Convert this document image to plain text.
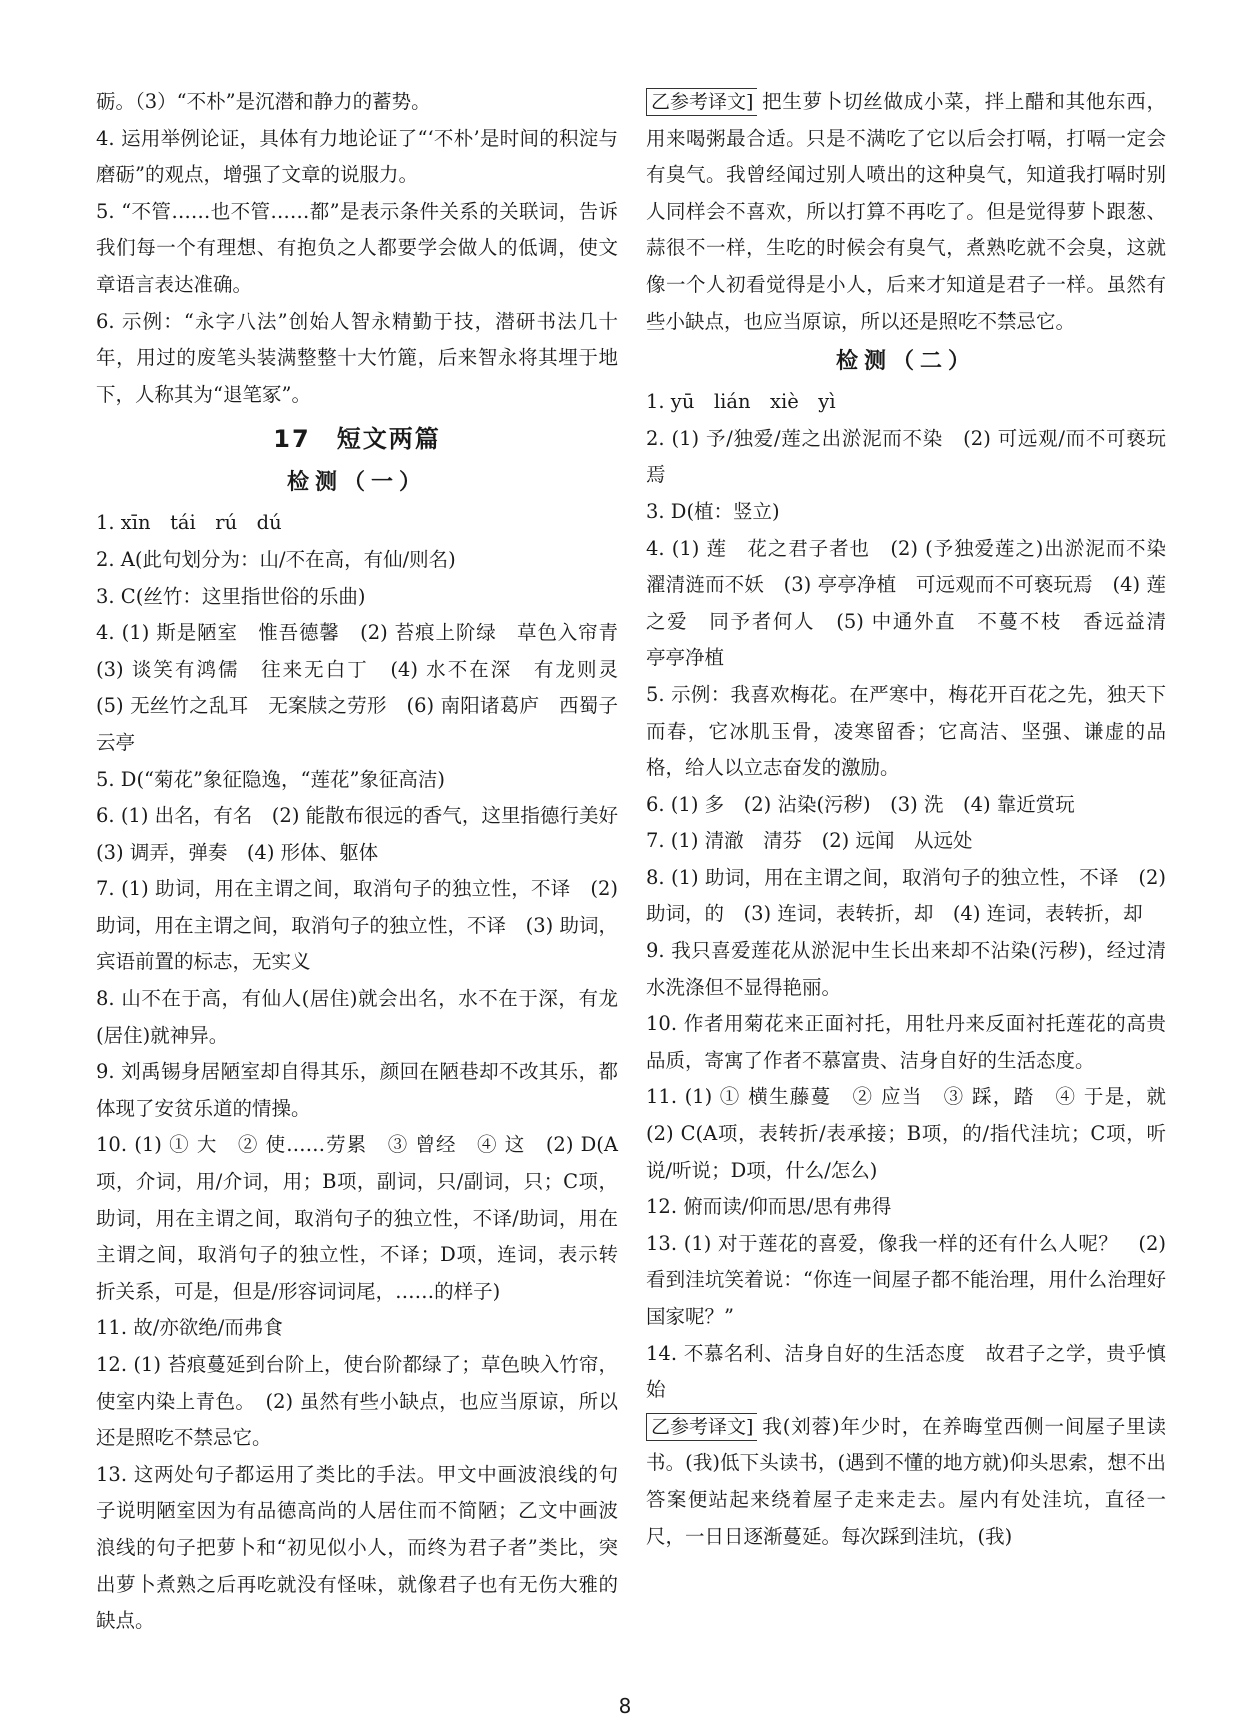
砺。（3）“不朴”是沉潜和静力的蓄势。

4. 运用举例论证，具体有力地论证了“‘不朴’是时间的积淀与磨砺”的观点，增强了文章的说服力。

5. “不管……也不管……都”是表示条件关系的关联词，告诉我们每一个有理想、有抱负之人都要学会做人的低调，使文章语言表达准确。

6. 示例：“永字八法”创始人智永精勤于技，潜研书法几十年，用过的废笔头装满整整十大竹簏，后来智永将其埋于地下，人称其为“退笔冢”。

17　短文两篇
检测（一）

1. xīn　tái　rú　dú

2. A(此句划分为：山/不在高，有仙/则名)

3. C(丝竹：这里指世俗的乐曲)

4. (1) 斯是陋室　惟吾德馨　(2) 苔痕上阶绿　草色入帘青　(3) 谈笑有鸿儒　往来无白丁　(4) 水不在深　有龙则灵　(5) 无丝竹之乱耳　无案牍之劳形　(6) 南阳诸葛庐　西蜀子云亭

5. D(“菊花”象征隐逸，“莲花”象征高洁)

6. (1) 出名，有名　(2) 能散布很远的香气，这里指德行美好　(3) 调弄，弹奏　(4) 形体、躯体

7. (1) 助词，用在主谓之间，取消句子的独立性，不译　(2) 助词，用在主谓之间，取消句子的独立性，不译　(3) 助词，宾语前置的标志，无实义

8. 山不在于高，有仙人(居住)就会出名，水不在于深，有龙(居住)就神异。

9. 刘禹锡身居陋室却自得其乐，颜回在陋巷却不改其乐，都体现了安贫乐道的情操。

10. (1) ① 大　② 使……劳累　③ 曾经　④ 这　(2) D(A项，介词，用/介词，用；B项，副词，只/副词，只；C项，助词，用在主谓之间，取消句子的独立性，不译/助词，用在主谓之间，取消句子的独立性，不译；D项，连词，表示转折关系，可是，但是/形容词词尾，……的样子)

11. 故/亦欲绝/而弗食

12. (1) 苔痕蔓延到台阶上，使台阶都绿了；草色映入竹帘，使室内染上青色。　(2) 虽然有些小缺点，也应当原谅，所以还是照吃不禁忌它。

13. 这两处句子都运用了类比的手法。甲文中画波浪线的句子说明陋室因为有品德高尚的人居住而不简陋；乙文中画波浪线的句子把萝卜和“初见似小人，而终为君子者”类比，突出萝卜煮熟之后再吃就没有怪味，就像君子也有无伤大雅的缺点。

乙参考译文 ] 把生萝卜切丝做成小菜，拌上醋和其他东西，用来喝粥最合适。只是不满吃了它以后会打嗝，打嗝一定会有臭气。我曾经闻过别人喷出的这种臭气，知道我打嗝时别人同样会不喜欢，所以打算不再吃了。但是觉得萝卜跟葱、蒜很不一样，生吃的时候会有臭气，煮熟吃就不会臭，这就像一个人初看觉得是小人，后来才知道是君子一样。虽然有些小缺点，也应当原谅，所以还是照吃不禁忌它。

检测（二）

1. yū　lián　xiè　yì

2. (1) 予/独爱/莲之出淤泥而不染　(2) 可远观/而不可亵玩焉

3. D(植：竖立)

4. (1) 莲　花之君子者也　(2) (予独爱莲之)出淤泥而不染　濯清涟而不妖　(3) 亭亭净植　可远观而不可亵玩焉　(4) 莲之爱　同予者何人　(5) 中通外直　不蔓不枝　香远益清　亭亭净植

5. 示例：我喜欢梅花。在严寒中，梅花开百花之先，独天下而春，它冰肌玉骨，凌寒留香；它高洁、坚强、谦虚的品格，给人以立志奋发的激励。

6. (1) 多　(2) 沾染(污秽)　(3) 洗　(4) 靠近赏玩

7. (1) 清澈　清芬　(2) 远闻　从远处

8. (1) 助词，用在主谓之间，取消句子的独立性，不译　(2) 助词，的　(3) 连词，表转折，却　(4) 连词，表转折，却

9. 我只喜爱莲花从淤泥中生长出来却不沾染(污秽)，经过清水洗涤但不显得艳丽。

10. 作者用菊花来正面衬托，用牡丹来反面衬托莲花的高贵品质，寄寓了作者不慕富贵、洁身自好的生活态度。

11. (1) ① 横生藤蔓　② 应当　③ 踩，踏　④ 于是，就　(2) C(A项，表转折/表承接；B项，的/指代洼坑；C项，听说/听说；D项，什么/怎么)

12. 俯而读/仰而思/思有弗得

13. (1) 对于莲花的喜爱，像我一样的还有什么人呢？　(2) 看到洼坑笑着说：“你连一间屋子都不能治理，用什么治理好国家呢？”

14. 不慕名利、洁身自好的生活态度　故君子之学，贵乎慎始

乙参考译文 ] 我(刘蓉)年少时，在养晦堂西侧一间屋子里读书。(我)低下头读书，(遇到不懂的地方就)仰头思索，想不出答案便站起来绕着屋子走来走去。屋内有处洼坑，直径一尺，一日日逐渐蔓延。每次踩到洼坑，(我)

8
